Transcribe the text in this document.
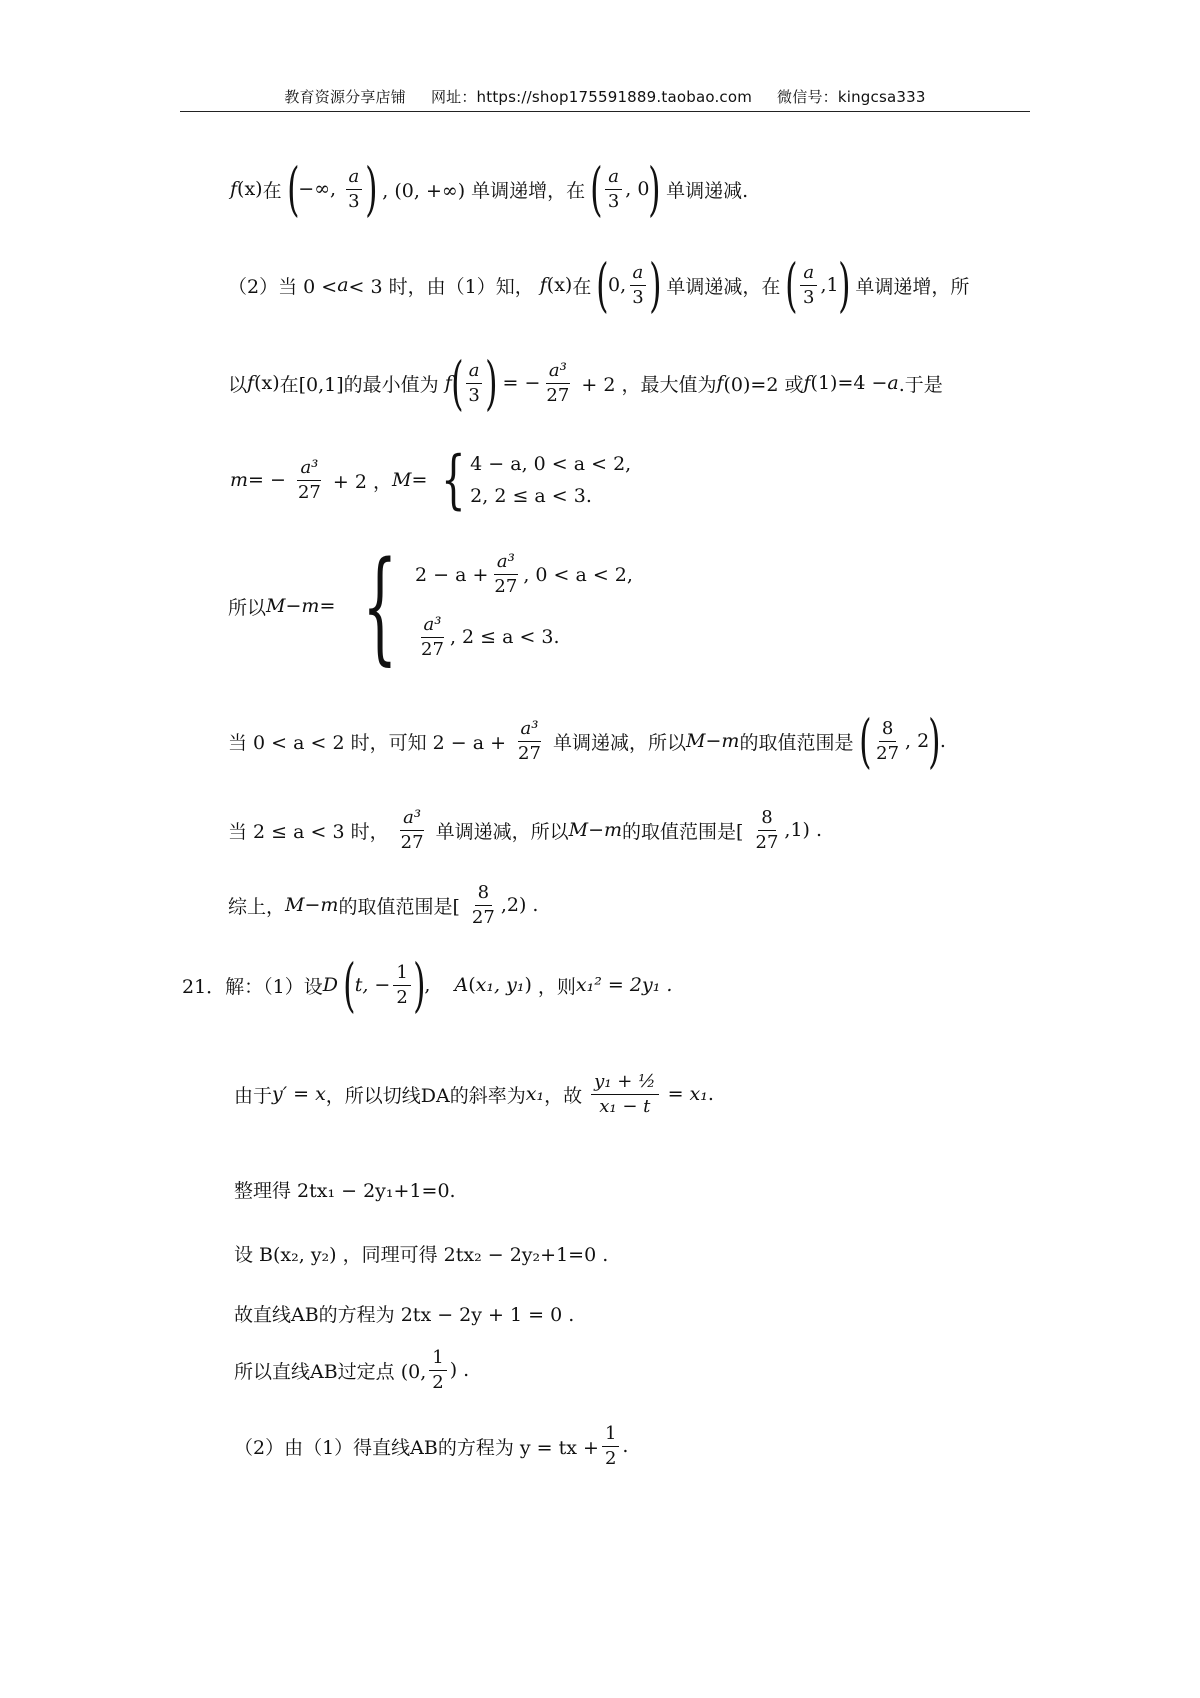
教育资源分享店铺 网址：https://shop175591889.taobao.com 微信号：kingcsa333
f(x)在 (−∞, $\frac{a}{3}$ ) , (0, +∞) 单调递增，在 ( $\frac{a}{3}$ , 0) 单调递减.
（2）当 0 <a< 3 时，由（1）知， f(x)在 (0, $\frac{a}{3}$ ) 单调递减，在 ( $\frac{a}{3} ,1$) 单调递增，所
以f(x)在[0,1]的最小值为 $f( \frac{a}{3}$ ) = − $\frac{\text{a³}}{27} + 2$ ，最大值为f(0)=2 或f(1)=4 −a.于是
$m= - \frac{\text{a³}}{27} + 2$ ，M= { 4 − a, 0 < a < 2,
2, 2 ≤ a < 3.
所以M−m= { $2 - a + \frac{\text{a³}}{27}$ , 0 < a < 2,
$\frac{\text{a³}}{27}$ , 2 ≤ a < 3.
当 0 < a < 2 时，可知 $2 - a + \frac{\text{a³}}{27}$ 单调递减，所以M−m的取值范围是 ( $\frac{8}{27}$ , 2).
当 2 ≤ a < 3 时， $\frac{\text{a³}}{27}$ 单调递减，所以M−m的取值范围是[ $\frac{8}{27} ,1$) .
综上，M−m的取值范围是[ $\frac{8}{27} ,2$) .
21．解：（1）设D (t, − $\frac{1}{2}$ ), A(x₁, y₁) ，则x₁² = 2y₁ .
由于y′ = x，所以切线DA的斜率为x₁，故 $\frac{\text{y₁ + ½}}{\text{x₁ − t}} = x_1$.
整理得 2tx₁ − 2y₁+1=0.
设 B(x₂, y₂) ，同理可得 2tx₂ − 2y₂+1=0 .
故直线AB的方程为 2tx − 2y + 1 = 0 .
所以直线AB过定点 (0, $\frac{1}{2}$ ) .
（2）由（1）得直线AB的方程为 y = tx + $\frac{1}{2}$ .
